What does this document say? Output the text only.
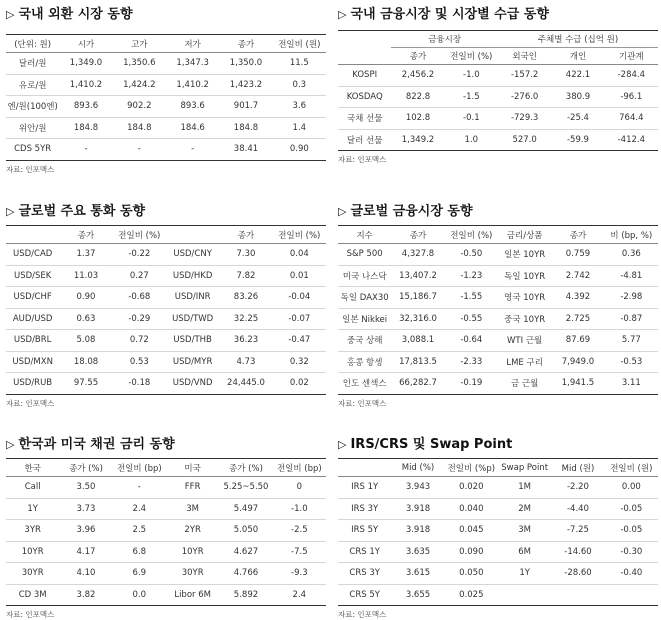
▷ 국내 외환 시장 동향
(단위: 원)	시가	고가	저가	종가	전일비 (원)
달러/원	1,349.0	1,350.6	1,347.3	1,350.0	11.5
유로/원	1,410.2	1,424.2	1,410.2	1,423.2	0.3
엔/원(100엔)	893.6	902.2	893.6	901.7	3.6
위안/원	184.8	184.8	184.6	184.8	1.4
CDS 5YR	-	-	-	38.41	0.90
자료: 인포맥스
▷ 국내 금융시장 및 시장별 수급 동향
	금융시장		주체별 수급 (십억 원)		
	종가	전일비 (%)	외국인	개인	기관계
KOSPI	2,456.2	-1.0	-157.2	422.1	-284.4
KOSDAQ	822.8	-1.5	-276.0	380.9	-96.1
국채 선물	102.8	-0.1	-729.3	-25.4	764.4
달러 선물	1,349.2	1.0	527.0	-59.9	-412.4
자료: 인포맥스
▷ 글로벌 주요 통화 동향
	종가	전일비 (%)		종가	전일비 (%)
USD/CAD	1.37	-0.22	USD/CNY	7.30	0.04
USD/SEK	11.03	0.27	USD/HKD	7.82	0.01
USD/CHF	0.90	-0.68	USD/INR	83.26	-0.04
AUD/USD	0.63	-0.29	USD/TWD	32.25	-0.07
USD/BRL	5.08	0.72	USD/THB	36.23	-0.47
USD/MXN	18.08	0.53	USD/MYR	4.73	0.32
USD/RUB	97.55	-0.18	USD/VND	24,445.0	0.02
자료: 인포맥스
▷ 글로벌 금융시장 동향
지수	종가	전일비 (%)	금리/상품	종가	비 (bp, %)
S&P 500	4,327.8	-0.50	일본 10YR	0.759	0.36
미국 나스닥	13,407.2	-1.23	독일 10YR	2.742	-4.81
독일 DAX30	15,186.7	-1.55	영국 10YR	4.392	-2.98
일본 Nikkei	32,316.0	-0.55	중국 10YR	2.725	-0.87
중국 상해	3,088.1	-0.64	WTI 근월	87.69	5.77
홍콩 항셍	17,813.5	-2.33	LME 구리	7,949.0	-0.53
인도 센섹스	66,282.7	-0.19	금 근월	1,941.5	3.11
자료: 인포맥스
▷ 한국과 미국 채권 금리 동향
한국	종가 (%)	전일비 (bp)	미국	종가 (%)	전일비 (bp)
Call	3.50	-	FFR	5.25~5.50	0
1Y	3.73	2.4	3M	5.497	-1.0
3YR	3.96	2.5	2YR	5.050	-2.5
10YR	4.17	6.8	10YR	4.627	-7.5
30YR	4.10	6.9	30YR	4.766	-9.3
CD 3M	3.82	0.0	Libor 6M	5.892	2.4
자료: 인포맥스
▷ IRS/CRS 및 Swap Point
	Mid (%)	전일비 (%p)	Swap Point	Mid (원)	전일비 (원)
IRS 1Y	3.943	0.020	1M	-2.20	0.00
IRS 3Y	3.918	0.040	2M	-4.40	-0.05
IRS 5Y	3.918	0.045	3M	-7.25	-0.05
CRS 1Y	3.635	0.090	6M	-14.60	-0.30
CRS 3Y	3.615	0.050	1Y	-28.60	-0.40
CRS 5Y	3.655	0.025			
자료: 인포맥스
